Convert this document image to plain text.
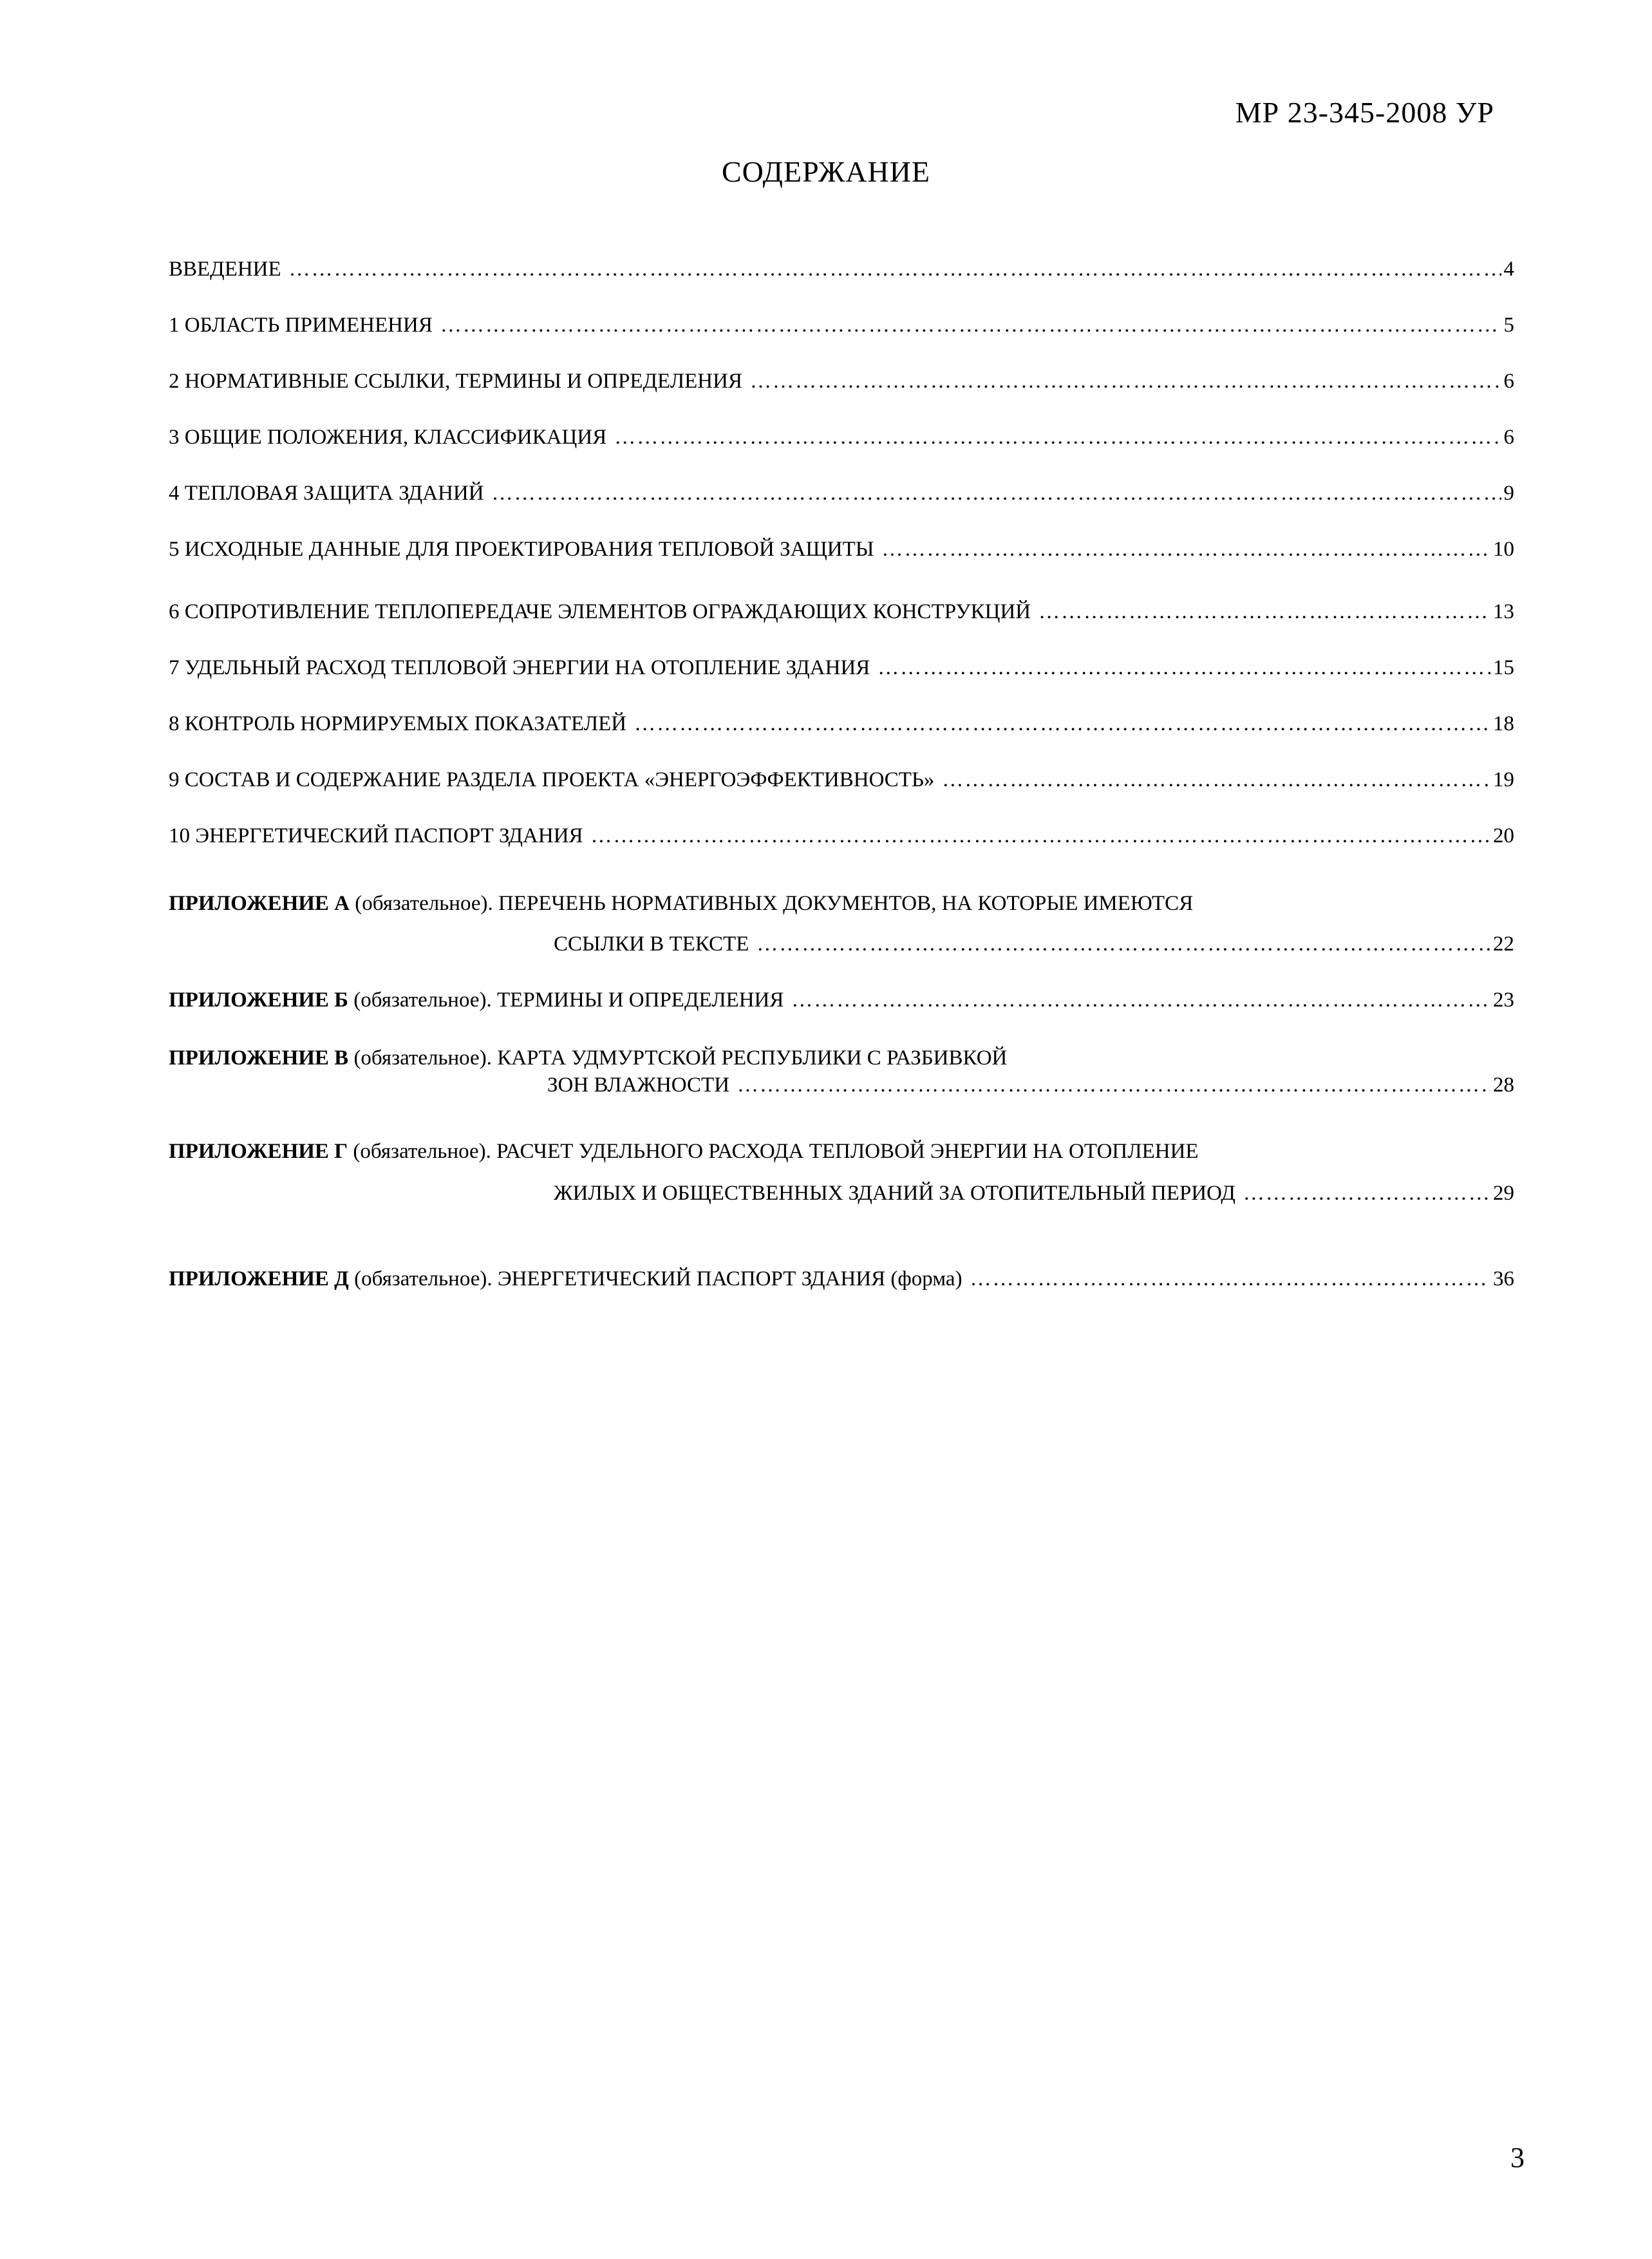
МР 23-345-2008 УР
СОДЕРЖАНИЕ
ВВЕДЕНИЕ …………………………………………………………………………………………………………………………………………………………………………………………………………………………………………………………………………………………………………………………………………………………	4
1 ОБЛАСТЬ ПРИМЕНЕНИЯ …………………………………………………………………………………………………………………………………………………………………………………………………………………………………………………………………………………………………………………………………………………………	5
2 НОРМАТИВНЫЕ ССЫЛКИ, ТЕРМИНЫ И ОПРЕДЕЛЕНИЯ …………………………………………………………………………………………………………………………………………………………………………………………………………………………………………………………………………………………………………………………………………………………	6
3 ОБЩИЕ ПОЛОЖЕНИЯ, КЛАССИФИКАЦИЯ …………………………………………………………………………………………………………………………………………………………………………………………………………………………………………………………………………………………………………………………………………………………	6
4 ТЕПЛОВАЯ ЗАЩИТА ЗДАНИЙ …………………………………………………………………………………………………………………………………………………………………………………………………………………………………………………………………………………………………………………………………………………………	9
5 ИСХОДНЫЕ ДАННЫЕ ДЛЯ ПРОЕКТИРОВАНИЯ ТЕПЛОВОЙ ЗАЩИТЫ …………………………………………………………………………………………………………………………………………………………………………………………………………………………………………………………………………………………………………………………………………………………	10
6 СОПРОТИВЛЕНИЕ ТЕПЛОПЕРЕДАЧЕ ЭЛЕМЕНТОВ ОГРАЖДАЮЩИХ КОНСТРУКЦИЙ …………………………………………………………………………………………………………………………………………………………………………………………………………………………………………………………………………………………………………………………………………………………	13
7 УДЕЛЬНЫЙ РАСХОД ТЕПЛОВОЙ ЭНЕРГИИ НА ОТОПЛЕНИЕ ЗДАНИЯ …………………………………………………………………………………………………………………………………………………………………………………………………………………………………………………………………………………………………………………………………………………………	15
8 КОНТРОЛЬ НОРМИРУЕМЫХ ПОКАЗАТЕЛЕЙ …………………………………………………………………………………………………………………………………………………………………………………………………………………………………………………………………………………………………………………………………………………………	18
9 СОСТАВ И СОДЕРЖАНИЕ РАЗДЕЛА ПРОЕКТА «ЭНЕРГОЭФФЕКТИВНОСТЬ» …………………………………………………………………………………………………………………………………………………………………………………………………………………………………………………………………………………………………………………………………………………………	19
10 ЭНЕРГЕТИЧЕСКИЙ ПАСПОРТ ЗДАНИЯ …………………………………………………………………………………………………………………………………………………………………………………………………………………………………………………………………………………………………………………………………………………………	20
ПРИЛОЖЕНИЕ А (обязательное). ПЕРЕЧЕНЬ НОРМАТИВНЫХ ДОКУМЕНТОВ, НА КОТОРЫЕ ИМЕЮТСЯ
ССЫЛКИ В ТЕКСТЕ …………………………………………………………………………………………………………………………………………………………………………………………………………………………………………………………………………………………………………………………………………………………	22
ПРИЛОЖЕНИЕ Б (обязательное). ТЕРМИНЫ И ОПРЕДЕЛЕНИЯ …………………………………………………………………………………………………………………………………………………………………………………………………………………………………………………………………………………………………………………………………………………………	23
ПРИЛОЖЕНИЕ В (обязательное). КАРТА УДМУРТСКОЙ РЕСПУБЛИКИ С РАЗБИВКОЙ
ЗОН ВЛАЖНОСТИ …………………………………………………………………………………………………………………………………………………………………………………………………………………………………………………………………………………………………………………………………………………………	28
ПРИЛОЖЕНИЕ Г (обязательное). РАСЧЕТ УДЕЛЬНОГО РАСХОДА ТЕПЛОВОЙ ЭНЕРГИИ НА ОТОПЛЕНИЕ
ЖИЛЫХ И ОБЩЕСТВЕННЫХ ЗДАНИЙ ЗА ОТОПИТЕЛЬНЫЙ ПЕРИОД …………………………………………………………………………………………………………………………………………………………………………………………………………………………………………………………………………………………………………………………………………………………	29
ПРИЛОЖЕНИЕ Д (обязательное). ЭНЕРГЕТИЧЕСКИЙ ПАСПОРТ ЗДАНИЯ (форма) …………………………………………………………………………………………………………………………………………………………………………………………………………………………………………………………………………………………………………………………………………………………	36
3
